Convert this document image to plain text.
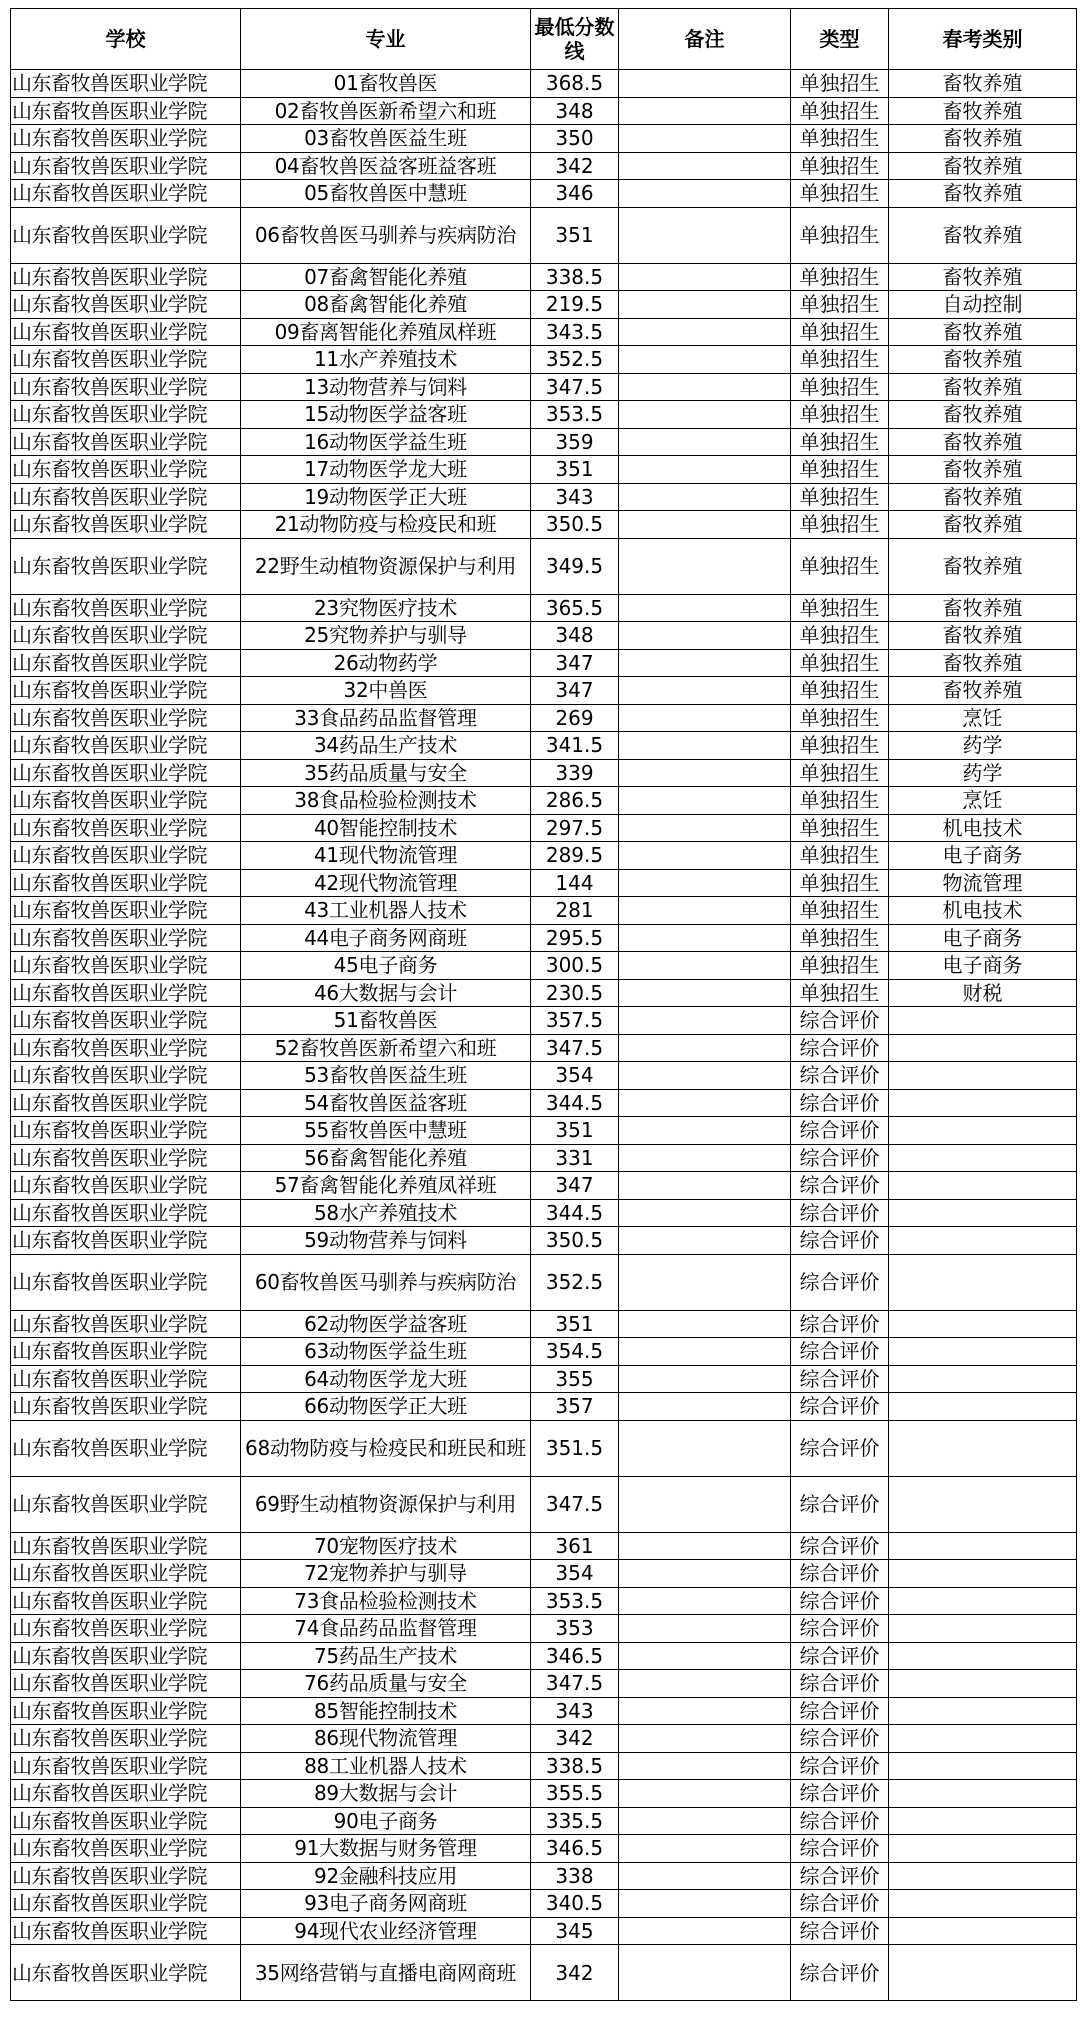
学校	专业	最低分数线	备注	类型	春考类别
山东畜牧兽医职业学院	01畜牧兽医	368.5		单独招生	畜牧养殖
山东畜牧兽医职业学院	02畜牧兽医新希望六和班	348		单独招生	畜牧养殖
山东畜牧兽医职业学院	03畜牧兽医益生班	350		单独招生	畜牧养殖
山东畜牧兽医职业学院	04畜牧兽医益客班益客班	342		单独招生	畜牧养殖
山东畜牧兽医职业学院	05畜牧兽医中慧班	346		单独招生	畜牧养殖
山东畜牧兽医职业学院	06畜牧兽医马驯养与疾病防治	351		单独招生	畜牧养殖
山东畜牧兽医职业学院	07畜禽智能化养殖	338.5		单独招生	畜牧养殖
山东畜牧兽医职业学院	08畜禽智能化养殖	219.5		单独招生	自动控制
山东畜牧兽医职业学院	09畜离智能化养殖凤样班	343.5		单独招生	畜牧养殖
山东畜牧兽医职业学院	11水产养殖技术	352.5		单独招生	畜牧养殖
山东畜牧兽医职业学院	13动物营养与饲料	347.5		单独招生	畜牧养殖
山东畜牧兽医职业学院	15动物医学益客班	353.5		单独招生	畜牧养殖
山东畜牧兽医职业学院	16动物医学益生班	359		单独招生	畜牧养殖
山东畜牧兽医职业学院	17动物医学龙大班	351		单独招生	畜牧养殖
山东畜牧兽医职业学院	19动物医学正大班	343		单独招生	畜牧养殖
山东畜牧兽医职业学院	21动物防疫与检疫民和班	350.5		单独招生	畜牧养殖
山东畜牧兽医职业学院	22野生动植物资源保护与利用	349.5		单独招生	畜牧养殖
山东畜牧兽医职业学院	23究物医疗技术	365.5		单独招生	畜牧养殖
山东畜牧兽医职业学院	25究物养护与驯导	348		单独招生	畜牧养殖
山东畜牧兽医职业学院	26动物药学	347		单独招生	畜牧养殖
山东畜牧兽医职业学院	32中兽医	347		单独招生	畜牧养殖
山东畜牧兽医职业学院	33食品药品监督管理	269		单独招生	烹饪
山东畜牧兽医职业学院	34药品生产技术	341.5		单独招生	药学
山东畜牧兽医职业学院	35药品质量与安全	339		单独招生	药学
山东畜牧兽医职业学院	38食品检验检测技术	286.5		单独招生	烹饪
山东畜牧兽医职业学院	40智能控制技术	297.5		单独招生	机电技术
山东畜牧兽医职业学院	41现代物流管理	289.5		单独招生	电子商务
山东畜牧兽医职业学院	42现代物流管理	144		单独招生	物流管理
山东畜牧兽医职业学院	43工业机器人技术	281		单独招生	机电技术
山东畜牧兽医职业学院	44电子商务网商班	295.5		单独招生	电子商务
山东畜牧兽医职业学院	45电子商务	300.5		单独招生	电子商务
山东畜牧兽医职业学院	46大数据与会计	230.5		单独招生	财税
山东畜牧兽医职业学院	51畜牧兽医	357.5		综合评价	
山东畜牧兽医职业学院	52畜牧兽医新希望六和班	347.5		综合评价	
山东畜牧兽医职业学院	53畜牧兽医益生班	354		综合评价	
山东畜牧兽医职业学院	54畜牧兽医益客班	344.5		综合评价	
山东畜牧兽医职业学院	55畜牧兽医中慧班	351		综合评价	
山东畜牧兽医职业学院	56畜禽智能化养殖	331		综合评价	
山东畜牧兽医职业学院	57畜禽智能化养殖凤祥班	347		综合评价	
山东畜牧兽医职业学院	58水产养殖技术	344.5		综合评价	
山东畜牧兽医职业学院	59动物营养与饲料	350.5		综合评价	
山东畜牧兽医职业学院	60畜牧兽医马驯养与疾病防治	352.5		综合评价	
山东畜牧兽医职业学院	62动物医学益客班	351		综合评价	
山东畜牧兽医职业学院	63动物医学益生班	354.5		综合评价	
山东畜牧兽医职业学院	64动物医学龙大班	355		综合评价	
山东畜牧兽医职业学院	66动物医学正大班	357		综合评价	
山东畜牧兽医职业学院	68动物防疫与检疫民和班民和班	351.5		综合评价	
山东畜牧兽医职业学院	69野生动植物资源保护与利用	347.5		综合评价	
山东畜牧兽医职业学院	70宠物医疗技术	361		综合评价	
山东畜牧兽医职业学院	72宠物养护与驯导	354		综合评价	
山东畜牧兽医职业学院	73食品检验检测技术	353.5		综合评价	
山东畜牧兽医职业学院	74食品药品监督管理	353		综合评价	
山东畜牧兽医职业学院	75药品生产技术	346.5		综合评价	
山东畜牧兽医职业学院	76药品质量与安全	347.5		综合评价	
山东畜牧兽医职业学院	85智能控制技术	343		综合评价	
山东畜牧兽医职业学院	86现代物流管理	342		综合评价	
山东畜牧兽医职业学院	88工业机器人技术	338.5		综合评价	
山东畜牧兽医职业学院	89大数据与会计	355.5		综合评价	
山东畜牧兽医职业学院	90电子商务	335.5		综合评价	
山东畜牧兽医职业学院	91大数据与财务管理	346.5		综合评价	
山东畜牧兽医职业学院	92金融科技应用	338		综合评价	
山东畜牧兽医职业学院	93电子商务网商班	340.5		综合评价	
山东畜牧兽医职业学院	94现代农业经济管理	345		综合评价	
山东畜牧兽医职业学院	35网络营销与直播电商网商班	342		综合评价	
